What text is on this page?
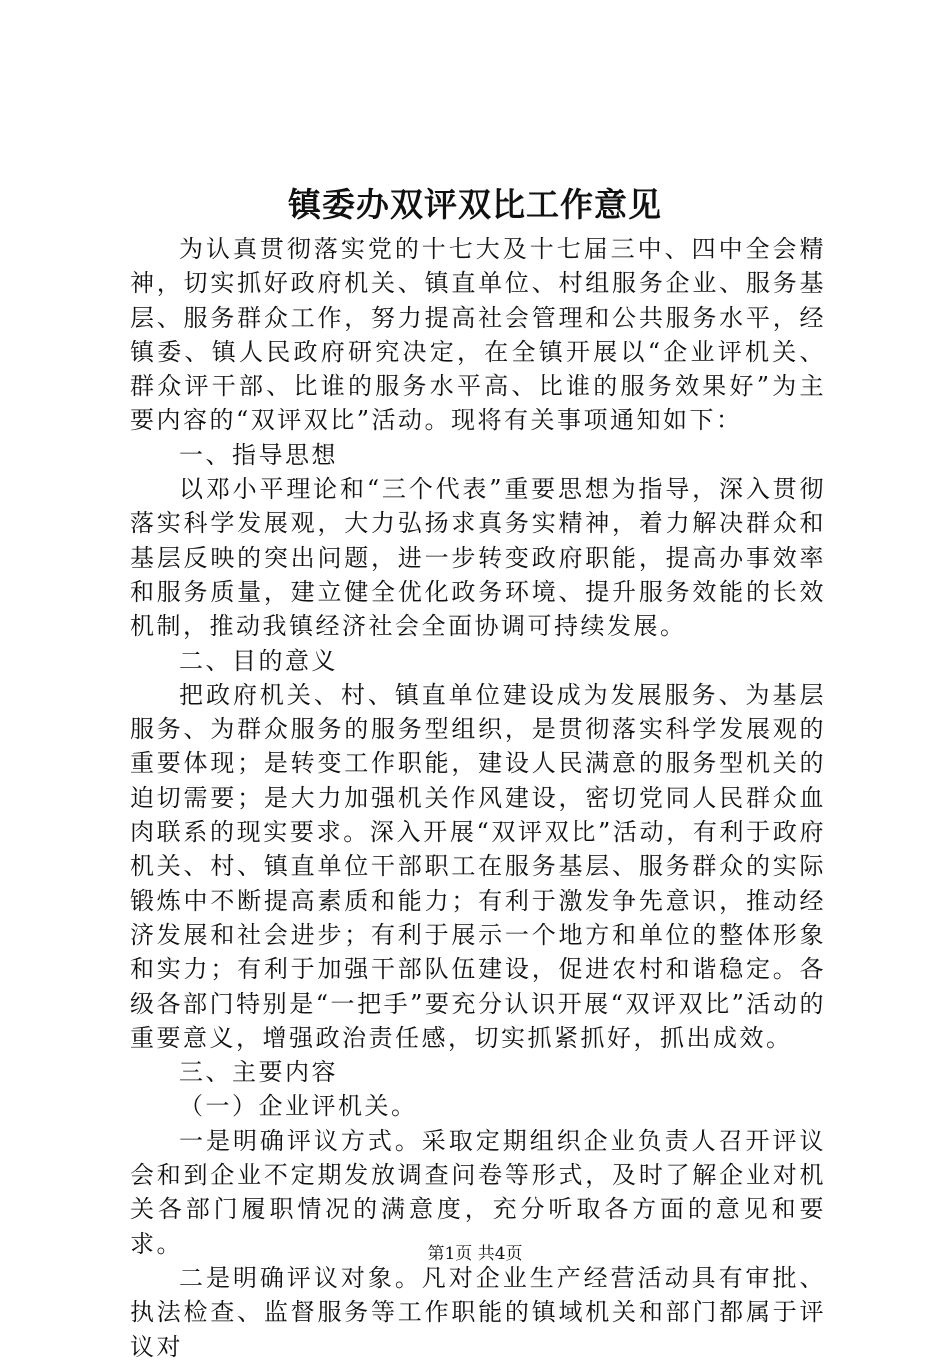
镇委办双评双比工作意见

为认真贯彻落实党的十七大及十七届三中、四中全会精神，切实抓好政府机关、镇直单位、村组服务企业、服务基层、服务群众工作，努力提高社会管理和公共服务水平，经镇委、镇人民政府研究决定，在全镇开展以“企业评机关、群众评干部、比谁的服务水平高、比谁的服务效果好”为主要内容的“双评双比”活动。现将有关事项通知如下：

一、指导思想

以邓小平理论和“三个代表”重要思想为指导，深入贯彻落实科学发展观，大力弘扬求真务实精神，着力解决群众和基层反映的突出问题，进一步转变政府职能，提高办事效率和服务质量，建立健全优化政务环境、提升服务效能的长效机制，推动我镇经济社会全面协调可持续发展。

二、目的意义

把政府机关、村、镇直单位建设成为发展服务、为基层服务、为群众服务的服务型组织，是贯彻落实科学发展观的重要体现；是转变工作职能，建设人民满意的服务型机关的迫切需要；是大力加强机关作风建设，密切党同人民群众血肉联系的现实要求。深入开展“双评双比”活动，有利于政府机关、村、镇直单位干部职工在服务基层、服务群众的实际锻炼中不断提高素质和能力；有利于激发争先意识，推动经济发展和社会进步；有利于展示一个地方和单位的整体形象和实力；有利于加强干部队伍建设，促进农村和谐稳定。各级各部门特别是“一把手”要充分认识开展“双评双比”活动的重要意义，增强政治责任感，切实抓紧抓好，抓出成效。

三、主要内容

（一）企业评机关。

一是明确评议方式。采取定期组织企业负责人召开评议会和到企业不定期发放调查问卷等形式，及时了解企业对机关各部门履职情况的满意度，充分听取各方面的意见和要求。

二是明确评议对象。凡对企业生产经营活动具有审批、执法检查、监督服务等工作职能的镇域机关和部门都属于评议对

第1页 共4页
